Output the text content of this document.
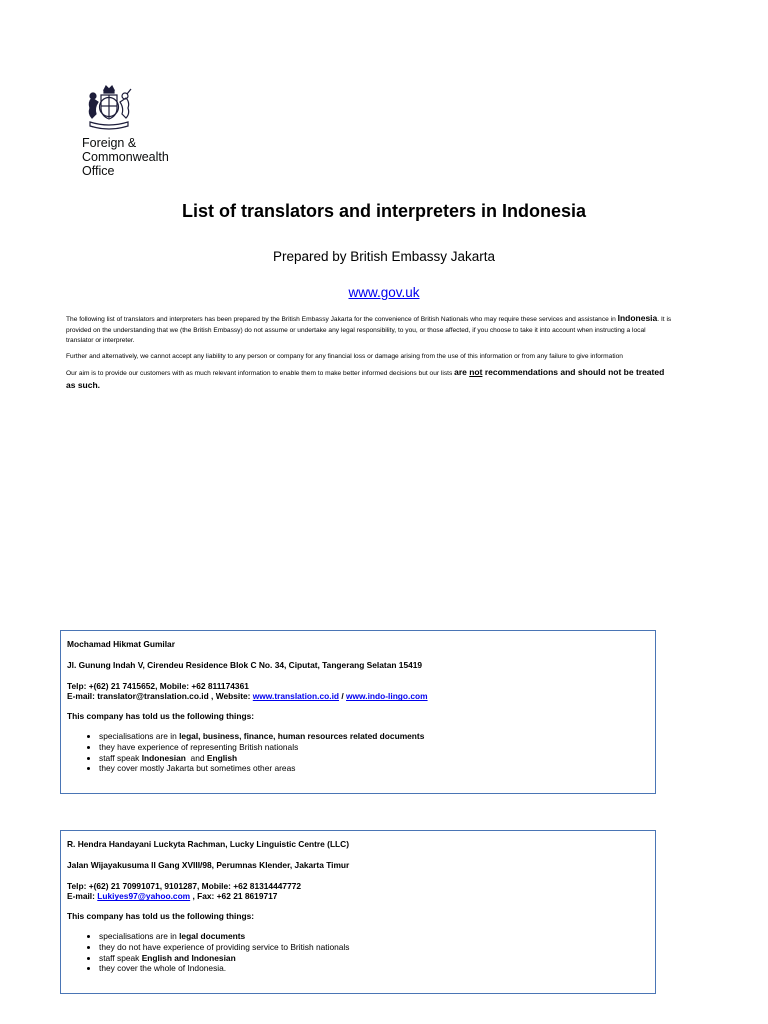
Foreign &
Commonwealth
Office
List of translators and interpreters in Indonesia
Prepared by British Embassy Jakarta
www.gov.uk

The following list of translators and interpreters has been prepared by the British Embassy Jakarta for the convenience of British Nationals who may require these services and assistance in Indonesia. It is provided on the understanding that we (the British Embassy) do not assume or undertake any legal responsibility, to you, or those affected, if you choose to take it into account when instructing a local translator or interpreter.

Further and alternatively, we cannot accept any liability to any person or company for any financial loss or damage arising from the use of this information or from any failure to give information

Our aim is to provide our customers with as much relevant information to enable them to make better informed decisions but our lists are not recommendations and should not be treated as such.

Mochamad Hikmat Gumilar

Jl. Gunung Indah V, Cirendeu Residence Blok C No. 34, Ciputat, Tangerang Selatan 15419

Telp: +(62) 21 7415652, Mobile: +62 811174361

E-mail: translator@translation.co.id , Website: www.translation.co.id / www.indo-lingo.com

This company has told us the following things:

• specialisations are in legal, business, finance, human resources related documents
• they have experience of representing British nationals
• staff speak Indonesian  and English
• they cover mostly Jakarta but sometimes other areas

R. Hendra Handayani Luckyta Rachman, Lucky Linguistic Centre (LLC)

Jalan Wijayakusuma II Gang XVIII/98, Perumnas Klender, Jakarta Timur

Telp: +(62) 21 70991071, 9101287, Mobile: +62 81314447772

E-mail: Lukiyes97@yahoo.com , Fax: +62 21 8619717

This company has told us the following things:

• specialisations are in legal documents
• they do not have experience of providing service to British nationals
• staff speak English and Indonesian
• they cover the whole of Indonesia.
